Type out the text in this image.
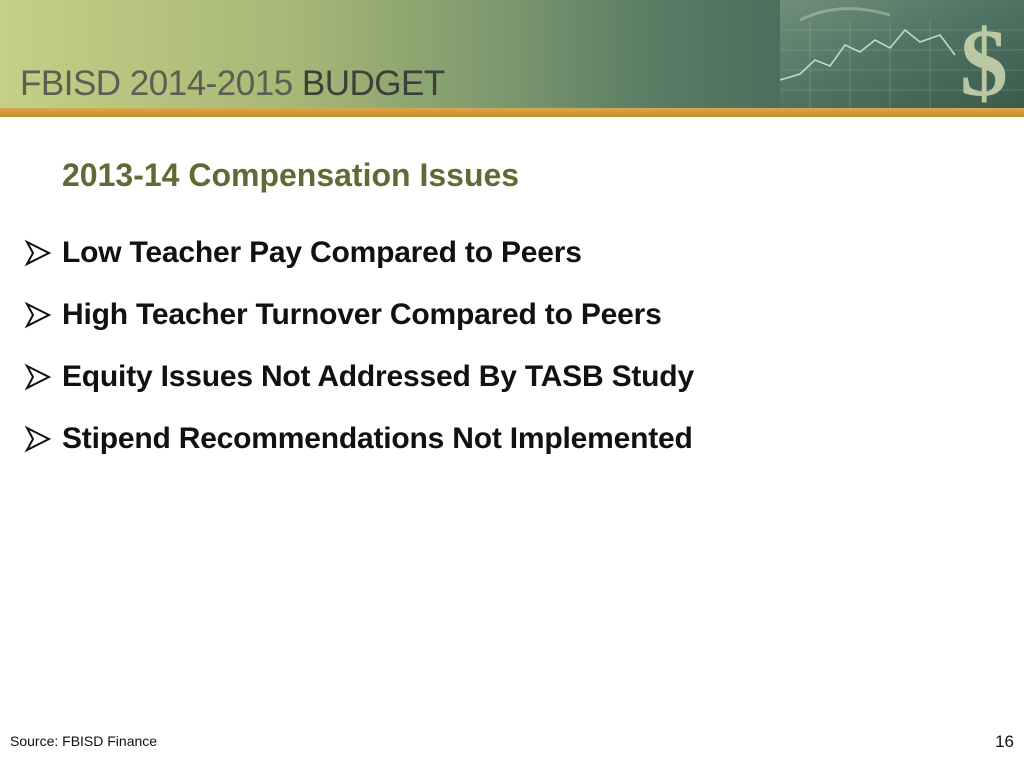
FBISD 2014-2015 BUDGET	$
2013-14 Compensation Issues
Low Teacher Pay Compared to Peers
High Teacher Turnover Compared to Peers
Equity Issues Not Addressed By TASB Study
Stipend Recommendations Not Implemented
Source: FBISD Finance	16
